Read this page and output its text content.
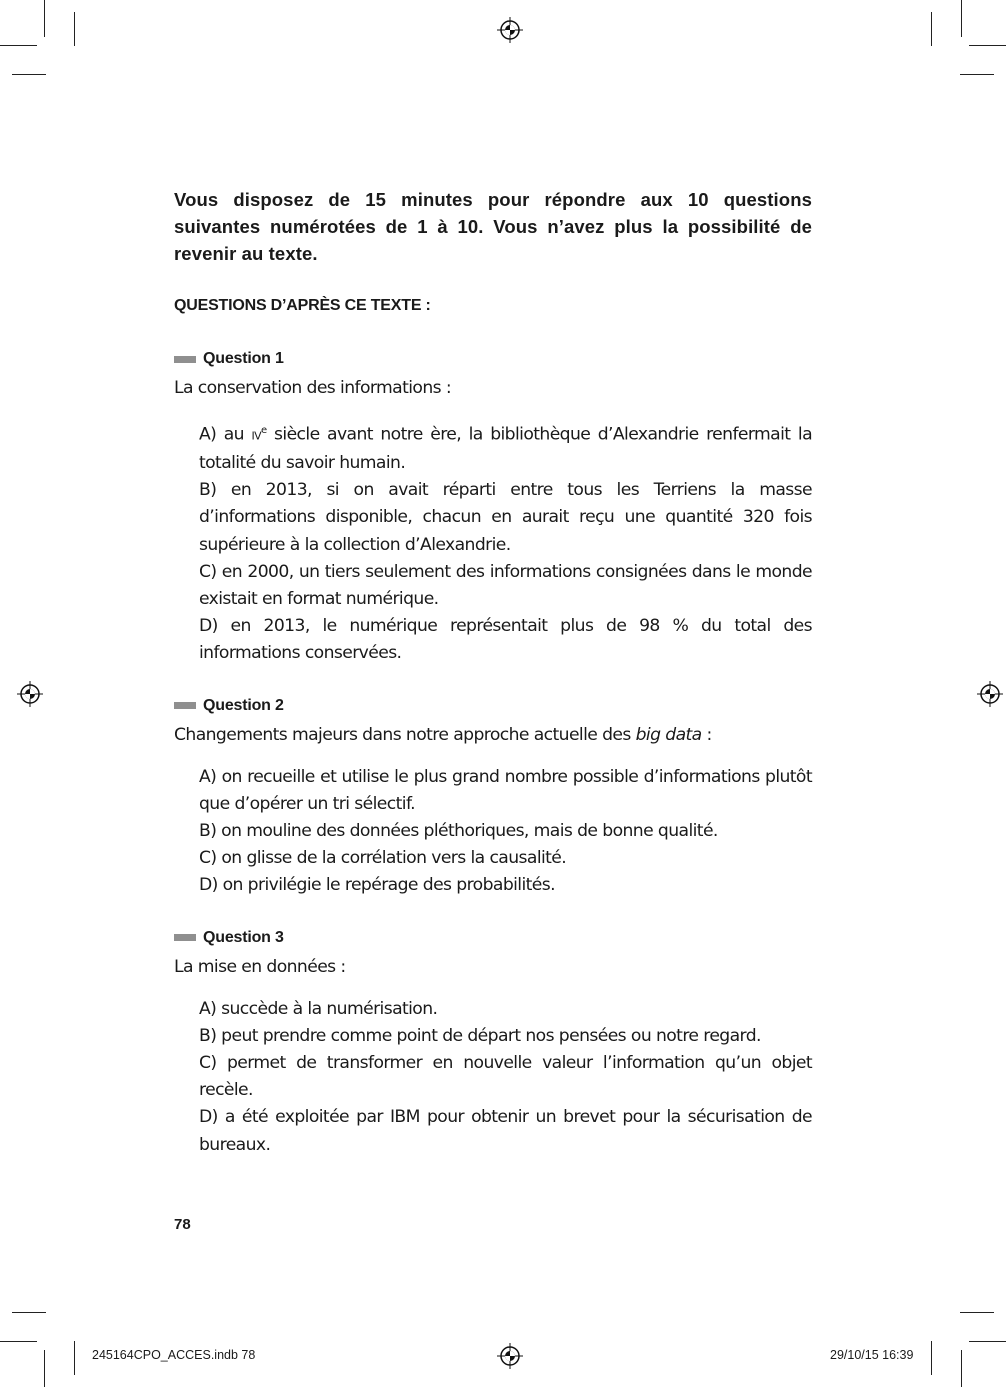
Vous disposez de 15 minutes pour répondre aux 10 questions suivantes numérotées de 1 à 10. Vous n’avez plus la possibilité de revenir au texte.

QUESTIONS D’APRÈS CE TEXTE :

Question 1

La conservation des informations :

A) au IVe siècle avant notre ère, la bibliothèque d’Alexandrie renfermait la totalité du savoir humain.
B) en 2013, si on avait réparti entre tous les Terriens la masse d’informations disponible, chacun en aurait reçu une quantité 320 fois supérieure à la collection d’Alexandrie.
C) en 2000, un tiers seulement des informations consignées dans le monde existait en format numérique.
D) en 2013, le numérique représentait plus de 98 % du total des informations conservées.
Question 2

Changements majeurs dans notre approche actuelle des big data :

A) on recueille et utilise le plus grand nombre possible d’informations plutôt que d’opérer un tri sélectif.
B) on mouline des données pléthoriques, mais de bonne qualité.
C) on glisse de la corrélation vers la causalité.
D) on privilégie le repérage des probabilités.
Question 3

La mise en données :

A) succède à la numérisation.
B) peut prendre comme point de départ nos pensées ou notre regard.
C) permet de transformer en nouvelle valeur l’information qu’un objet recèle.
D) a été exploitée par IBM pour obtenir un brevet pour la sécurisation de bureaux.
78
245164CPO_ACCES.indb 78	29/10/15 16:39
